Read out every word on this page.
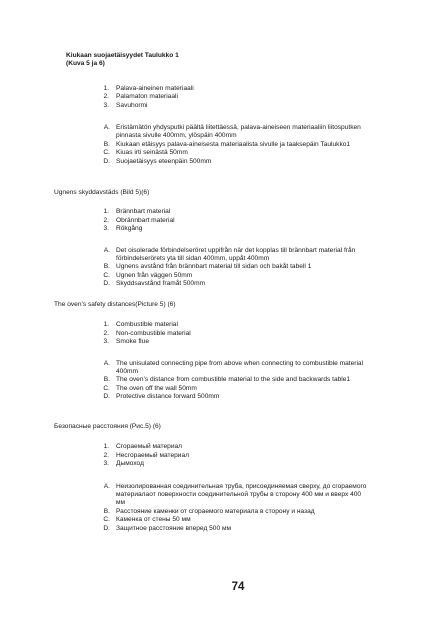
Kiukaan suojaetäisyydet Taulukko 1
(Kuva 5 ja 6)
1.	Palava-aineinen materiaali
2.	Palamaton materiaali
3.	Savuhormi
A. Eristämätön yhdysputki päältä liitettäessä, palava-aineiseen materiaaliin liitosputken
pinnasta sivulle 400mm, ylöspäin 400mm
B. Kiukaan etäisyys palava-aineisesta materiaalista sivulle ja taaksepäin Taulukko1
C. Kiuas irti seinästä 50mm
D. Suojaetäisyys eteenpäin 500mm
Ugnens skyddavstäds (Bild 5)(6)
1.	Brännbart material
2.	Obrännbart material
3.	Rökgång
A. Det oisolerade förbindelseröret uppifrån när det kopplas till brännbart material från
förbindelserörets yta till sidan 400mm, uppåt 400mm
B. Ugnens avstånd från brännbart material till sidan och bakåt tabell 1
C. Ugnen från väggen 50mm
D. Skyddsavstånd framåt 500mm
The oven’s safety distances(Picture 5) (6)
1.	Combustible material
2.	Non-combustible material
3.	Smoke flue
A. The unisulated connecting pipe from above when connecting to combustible material
400mm
B. The oven’s distance from combustible material to the side and backwards table1
C. The oven off the wall 50mm
D. Protective distance forward 500mm
Безопасные расстояния (Рис.5) (6)
1.	Сгораемый материал
2.	Несгораемый материал
3.	Дымоход
A. Неизолированная соединительная труба, присоединяемая сверху, до сгораемого
материалаот поверхности соединительной трубы в сторону 400 мм и вверх 400
мм
B. Расстояние каменки от сгораемого материала в сторону и назад
C. Каменка от стены 50 мм
D. Защитное расстояние вперед 500 мм
74
